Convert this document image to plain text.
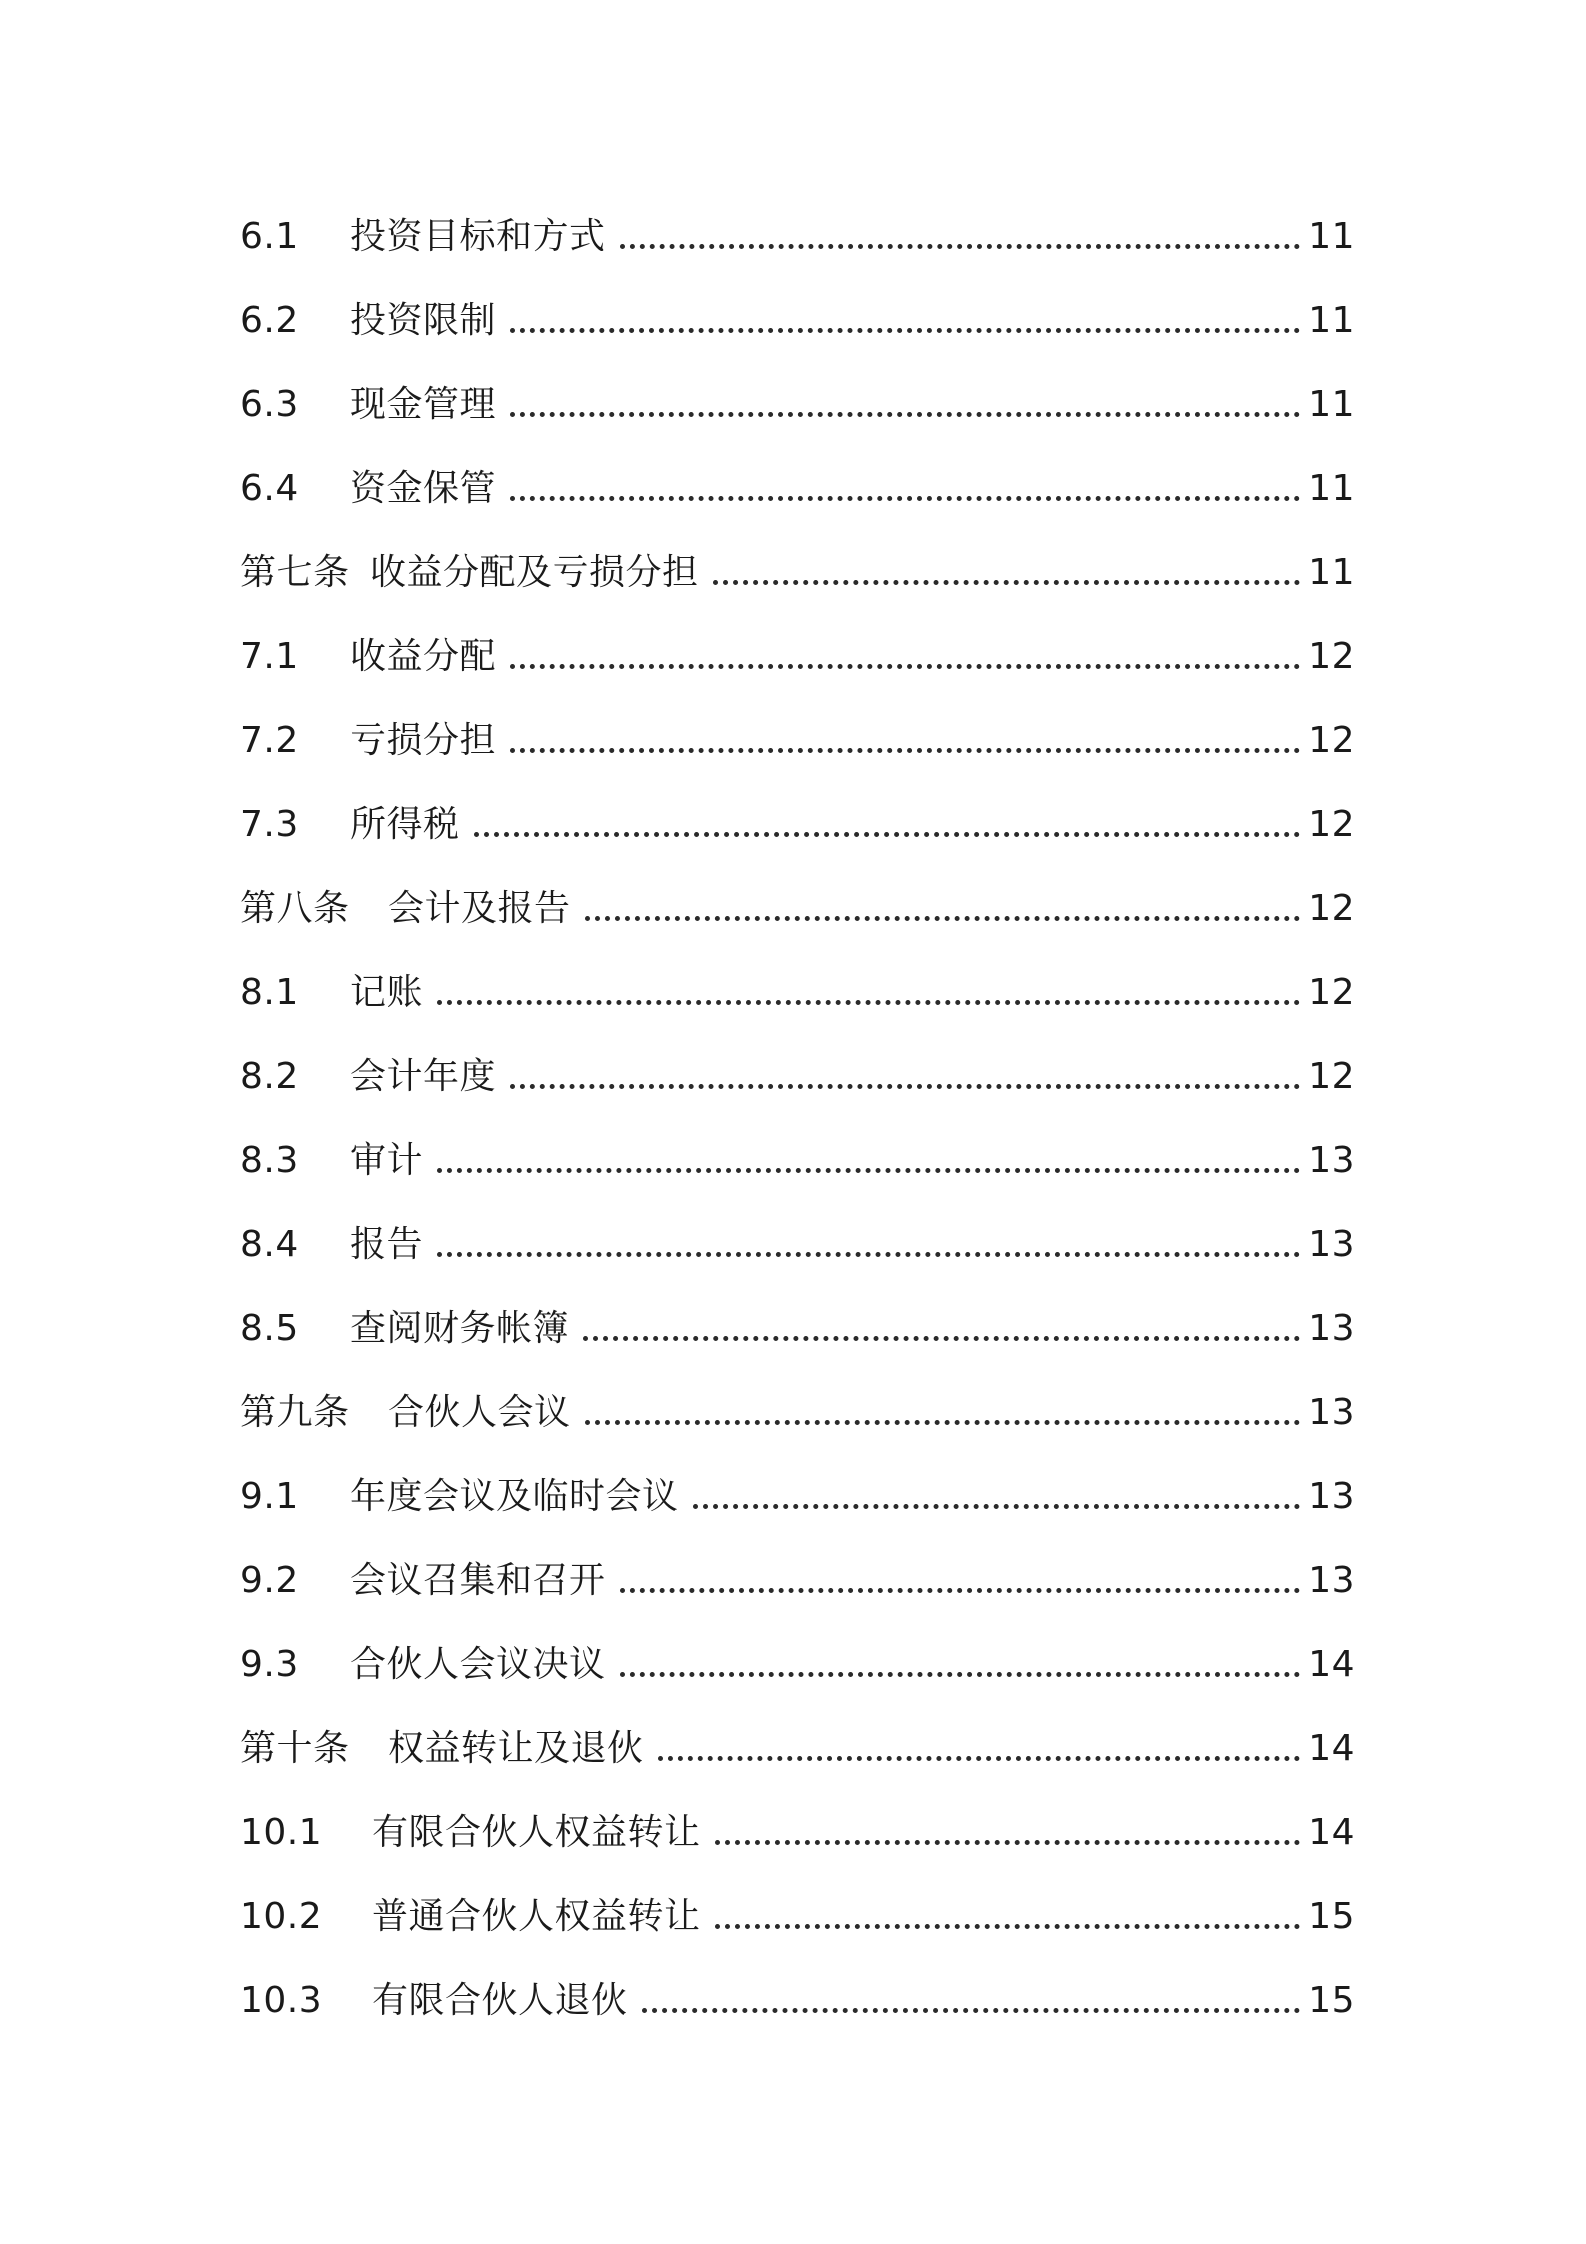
6.1	投资目标和方式	11
6.2	投资限制	11
6.3	现金管理	11
6.4	资金保管	11
第七条 收益分配及亏损分担	11
7.1	收益分配	12
7.2	亏损分担	12
7.3	所得税	12
第八条	会计及报告	12
8.1	记账	12
8.2	会计年度	12
8.3	审计	13
8.4	报告	13
8.5	查阅财务帐簿	13
第九条	合伙人会议	13
9.1	年度会议及临时会议	13
9.2	会议召集和召开	13
9.3	合伙人会议决议	14
第十条	权益转让及退伙	14
10.1	有限合伙人权益转让	14
10.2	普通合伙人权益转让	15
10.3	有限合伙人退伙	15
